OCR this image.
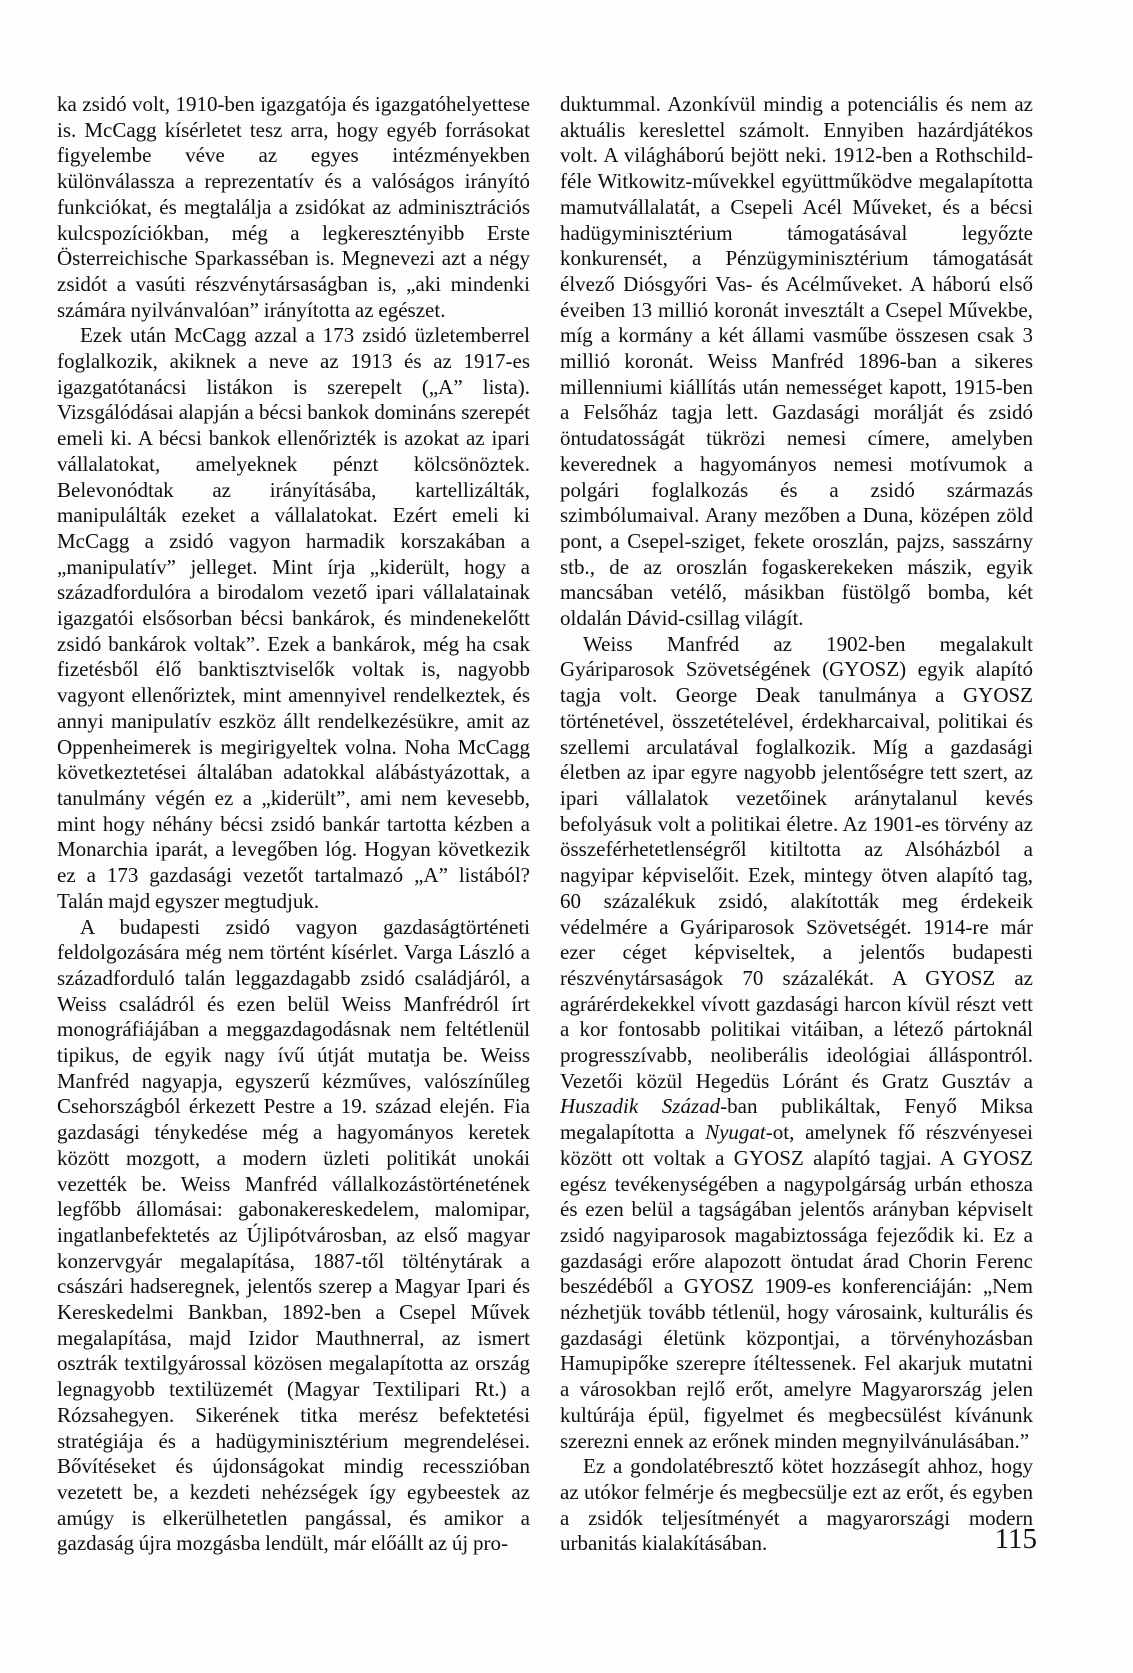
ka zsidó volt, 1910-ben igazgatója és igazgatóhelyettese is. McCagg kísérletet tesz arra, hogy egyéb forrásokat figyelembe véve az egyes intézményekben különválassza a reprezentatív és a valóságos irányító funkciókat, és megtalálja a zsidókat az adminisztrációs kulcspozíciókban, még a legkeresztényibb Erste Österreichische Sparkasséban is. Megnevezi azt a négy zsidót a vasúti részvénytársaságban is, „aki mindenki számára nyilvánvalóan” irányította az egészet.

Ezek után McCagg azzal a 173 zsidó üzletemberrel foglalkozik, akiknek a neve az 1913 és az 1917-es igazgatótanácsi listákon is szerepelt („A” lista). Vizsgálódásai alapján a bécsi bankok domináns szerepét emeli ki. A bécsi bankok ellenőrizték is azokat az ipari vállalatokat, amelyeknek pénzt kölcsönöztek. Belevonódtak az irányításába, kartellizálták, manipulálták ezeket a vállalatokat. Ezért emeli ki McCagg a zsidó vagyon harmadik korszakában a „manipulatív” jelleget. Mint írja „kiderült, hogy a századfordulóra a birodalom vezető ipari vállalatainak igazgatói elsősorban bécsi bankárok, és mindenekelőtt zsidó bankárok voltak”. Ezek a bankárok, még ha csak fizetésből élő banktisztviselők voltak is, nagyobb vagyont ellenőriztek, mint amennyivel rendelkeztek, és annyi manipulatív eszköz állt rendelkezésükre, amit az Oppenheimerek is megirigyeltek volna. Noha McCagg következtetései általában adatokkal alábástyázottak, a tanulmány végén ez a „kiderült”, ami nem kevesebb, mint hogy néhány bécsi zsidó bankár tartotta kézben a Monarchia iparát, a levegőben lóg. Hogyan következik ez a 173 gazdasági vezetőt tartalmazó „A” listából? Talán majd egyszer megtudjuk.

A budapesti zsidó vagyon gazdaságtörténeti feldolgozására még nem történt kísérlet. Varga László a századforduló talán leggazdagabb zsidó családjáról, a Weiss családról és ezen belül Weiss Manfrédról írt monográfiájában a meggazdagodásnak nem feltétlenül tipikus, de egyik nagy ívű útját mutatja be. Weiss Manfréd nagyapja, egyszerű kézműves, valószínűleg Csehországból érkezett Pestre a 19. század elején. Fia gazdasági ténykedése még a hagyományos keretek között mozgott, a modern üzleti politikát unokái vezették be. Weiss Manfréd vállalkozástörténetének legfőbb állomásai: gabonakereskedelem, malomipar, ingatlanbefektetés az Újlipótvárosban, az első magyar konzervgyár megalapítása, 1887-től tölténytárak a császári hadseregnek, jelentős szerep a Magyar Ipari és Kereskedelmi Bankban, 1892-ben a Csepel Művek megalapítása, majd Izidor Mauthnerral, az ismert osztrák textilgyárossal közösen megalapította az ország legnagyobb textilüzemét (Magyar Textilipari Rt.) a Rózsahegyen. Sikerének titka merész befektetési stratégiája és a hadügyminisztérium megrendelései. Bővítéseket és újdonságokat mindig recesszióban vezetett be, a kezdeti nehézségek így egybeestek az amúgy is elkerülhetetlen pangással, és amikor a gazdaság újra mozgásba lendült, már előállt az új pro-

duktummal. Azonkívül mindig a potenciális és nem az aktuális kereslettel számolt. Ennyiben hazárdjátékos volt. A világháború bejött neki. 1912-ben a Rothschild-féle Witkowitz-művekkel együttműködve megalapította mamutvállalatát, a Csepeli Acél Műveket, és a bécsi hadügyminisztérium támogatásával legyőzte konkurensét, a Pénzügyminisztérium támogatását élvező Diósgyőri Vas- és Acélműveket. A háború első éveiben 13 millió koronát invesztált a Csepel Művekbe, míg a kormány a két állami vasműbe összesen csak 3 millió koronát. Weiss Manfréd 1896-ban a sikeres millenniumi kiállítás után nemességet kapott, 1915-ben a Felsőház tagja lett. Gazdasági morálját és zsidó öntudatosságát tükrözi nemesi címere, amelyben keverednek a hagyományos nemesi motívumok a polgári foglalkozás és a zsidó származás szimbólumaival. Arany mezőben a Duna, középen zöld pont, a Csepel-sziget, fekete oroszlán, pajzs, sasszárny stb., de az oroszlán fogaskerekeken mászik, egyik mancsában vetélő, másikban füstölgő bomba, két oldalán Dávid-csillag világít.

Weiss Manfréd az 1902-ben megalakult Gyáriparosok Szövetségének (GYOSZ) egyik alapító tagja volt. George Deak tanulmánya a GYOSZ történetével, összetételével, érdekharcaival, politikai és szellemi arculatával foglalkozik. Míg a gazdasági életben az ipar egyre nagyobb jelentőségre tett szert, az ipari vállalatok vezetőinek aránytalanul kevés befolyásuk volt a politikai életre. Az 1901-es törvény az összeférhetetlenségről kitiltotta az Alsóházból a nagyipar képviselőit. Ezek, mintegy ötven alapító tag, 60 százalékuk zsidó, alakították meg érdekeik védelmére a Gyáriparosok Szövetségét. 1914-re már ezer céget képviseltek, a jelentős budapesti részvénytársaságok 70 százalékát. A GYOSZ az agrárérdekekkel vívott gazdasági harcon kívül részt vett a kor fontosabb politikai vitáiban, a létező pártoknál progresszívabb, neoliberális ideológiai álláspontról. Vezetői közül Hegedüs Lóránt és Gratz Gusztáv a Huszadik Század-ban publikáltak, Fenyő Miksa megalapította a Nyugat-ot, amelynek fő részvényesei között ott voltak a GYOSZ alapító tagjai. A GYOSZ egész tevékenységében a nagypolgárság urbán ethosza és ezen belül a tagságában jelentős arányban képviselt zsidó nagyiparosok magabiztossága fejeződik ki. Ez a gazdasági erőre alapozott öntudat árad Chorin Ferenc beszédéből a GYOSZ 1909-es konferenciáján: „Nem nézhetjük tovább tétlenül, hogy városaink, kulturális és gazdasági életünk központjai, a törvényhozásban Hamupipőke szerepre ítéltessenek. Fel akarjuk mutatni a városokban rejlő erőt, amelyre Magyarország jelen kultúrája épül, figyelmet és megbecsülést kívánunk szerezni ennek az erőnek minden megnyilvánulásában.”

Ez a gondolatébresztő kötet hozzásegít ahhoz, hogy az utókor felmérje és megbecsülje ezt az erőt, és egyben a zsidók teljesítményét a magyarországi modern urbanitás kialakításában.	115
